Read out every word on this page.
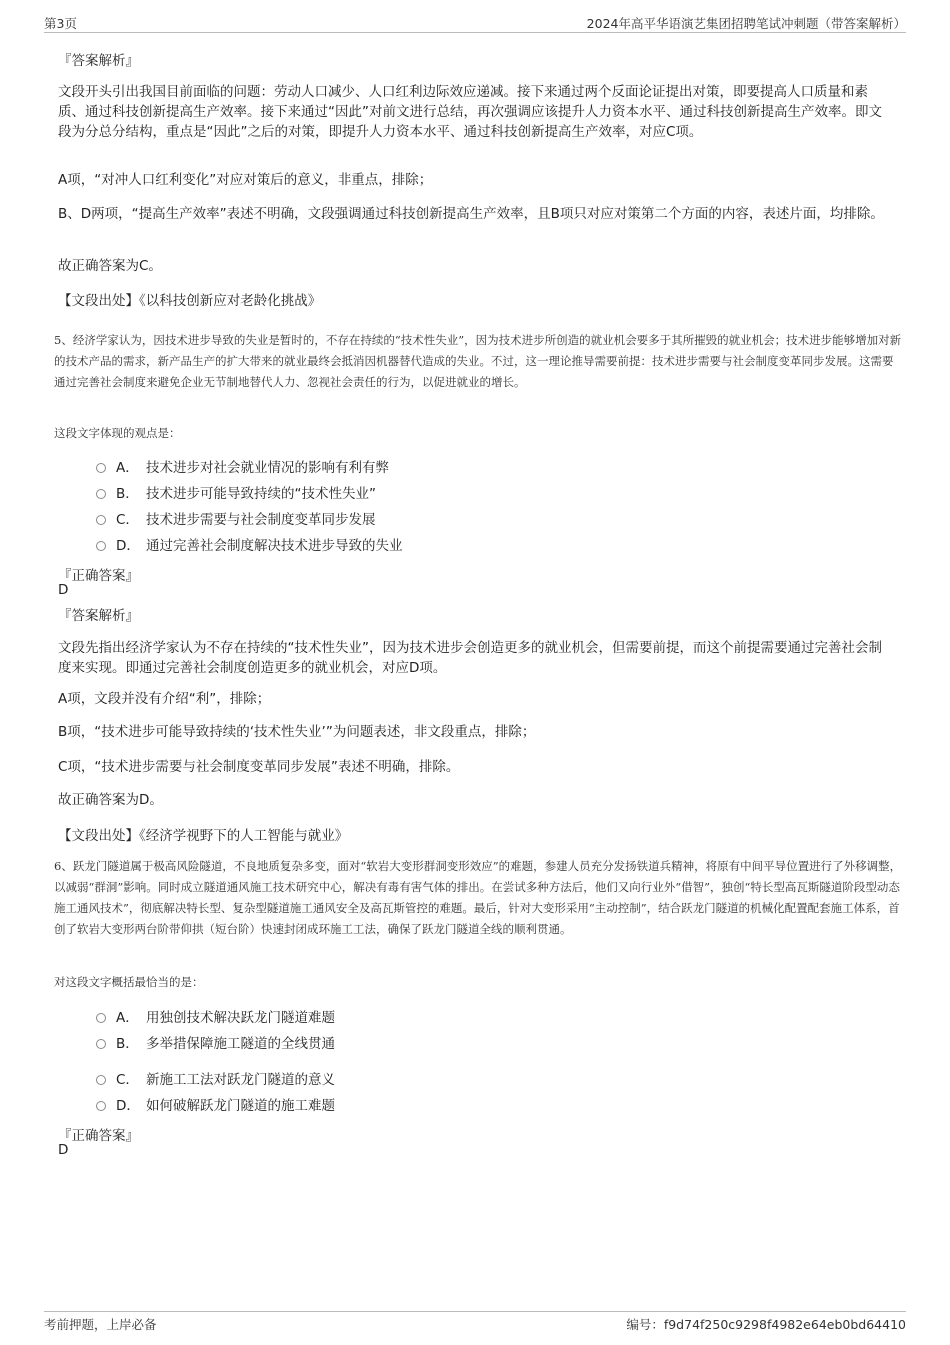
第3页	2024年高平华语演艺集团招聘笔试冲刺题（带答案解析）
『答案解析』
文段开头引出我国目前面临的问题：劳动人口减少、人口红利边际效应递减。接下来通过两个反面论证提出对策，即要提高人口质量和素质、通过科技创新提高生产效率。接下来通过“因此”对前文进行总结，再次强调应该提升人力资本水平、通过科技创新提高生产效率。即文段为分总分结构，重点是“因此”之后的对策，即提升人力资本水平、通过科技创新提高生产效率，对应C项。
A项，“对冲人口红利变化”对应对策后的意义，非重点，排除；
B、D两项，“提高生产效率”表述不明确，文段强调通过科技创新提高生产效率，且B项只对应对策第二个方面的内容，表述片面，均排除。
故正确答案为C。
【文段出处】《以科技创新应对老龄化挑战》
5、经济学家认为，因技术进步导致的失业是暂时的，不存在持续的“技术性失业”，因为技术进步所创造的就业机会要多于其所摧毁的就业机会；技术进步能够增加对新的技术产品的需求，新产品生产的扩大带来的就业最终会抵消因机器替代造成的失业。不过，这一理论推导需要前提：技术进步需要与社会制度变革同步发展。这需要通过完善社会制度来避免企业无节制地替代人力、忽视社会责任的行为，以促进就业的增长。
这段文字体现的观点是：
A． 技术进步对社会就业情况的影响有利有弊
B． 技术进步可能导致持续的“技术性失业”
C． 技术进步需要与社会制度变革同步发展
D． 通过完善社会制度解决技术进步导致的失业
『正确答案』
D
『答案解析』
文段先指出经济学家认为不存在持续的“技术性失业”，因为技术进步会创造更多的就业机会，但需要前提，而这个前提需要通过完善社会制度来实现。即通过完善社会制度创造更多的就业机会，对应D项。
A项，文段并没有介绍“利”，排除；
B项，“技术进步可能导致持续的‘技术性失业’”为问题表述，非文段重点，排除；
C项，“技术进步需要与社会制度变革同步发展”表述不明确，排除。
故正确答案为D。
【文段出处】《经济学视野下的人工智能与就业》
6、跃龙门隧道属于极高风险隧道，不良地质复杂多变，面对“软岩大变形群洞变形效应”的难题，参建人员充分发扬铁道兵精神，将原有中间平导位置进行了外移调整，以减弱“群洞”影响。同时成立隧道通风施工技术研究中心，解决有毒有害气体的排出。在尝试多种方法后，他们又向行业外“借智”，独创“特长型高瓦斯隧道阶段型动态施工通风技术”，彻底解决特长型、复杂型隧道施工通风安全及高瓦斯管控的难题。最后，针对大变形采用“主动控制”，结合跃龙门隧道的机械化配置配套施工体系，首创了软岩大变形两台阶带仰拱（短台阶）快速封闭成环施工工法，确保了跃龙门隧道全线的顺利贯通。
对这段文字概括最恰当的是：
A． 用独创技术解决跃龙门隧道难题
B． 多举措保障施工隧道的全线贯通
C． 新施工工法对跃龙门隧道的意义
D． 如何破解跃龙门隧道的施工难题
『正确答案』
D
考前押题，上岸必备	编号：f9d74f250c9298f4982e64eb0bd64410
